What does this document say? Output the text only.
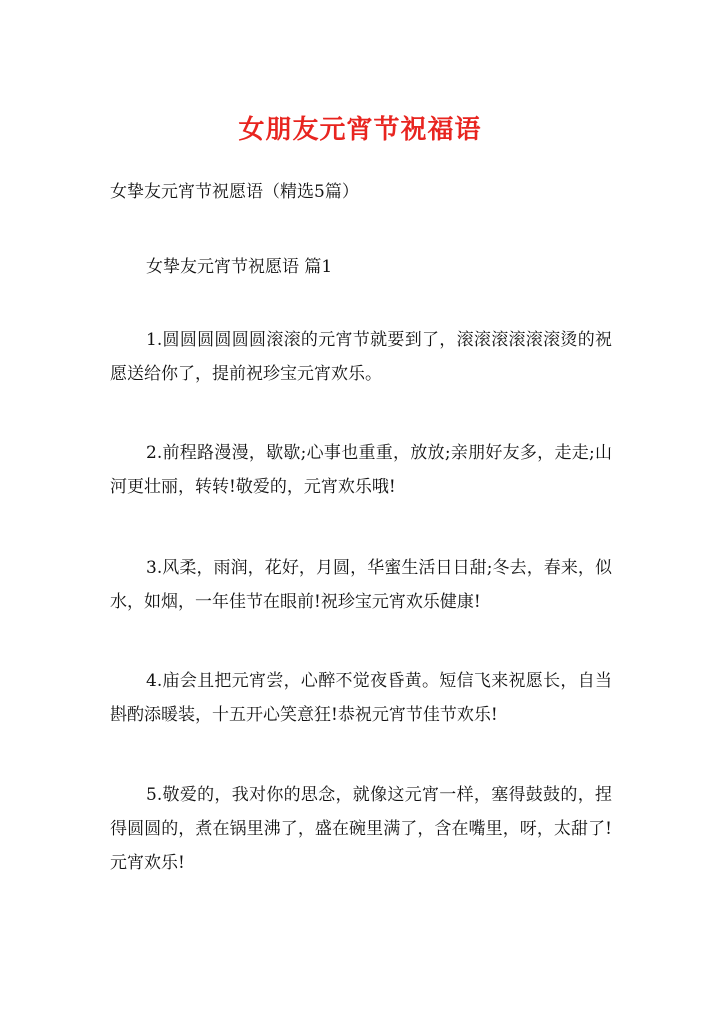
女朋友元宵节祝福语
女挚友元宵节祝愿语（精选5篇）
女挚友元宵节祝愿语 篇1

1.圆圆圆圆圆圆滚滚的元宵节就要到了，滚滚滚滚滚滚烫的祝愿送给你了，提前祝珍宝元宵欢乐。

2.前程路漫漫，歇歇;心事也重重，放放;亲朋好友多，走走;山河更壮丽，转转!敬爱的，元宵欢乐哦!

3.风柔，雨润，花好，月圆，华蜜生活日日甜;冬去，春来，似水，如烟，一年佳节在眼前!祝珍宝元宵欢乐健康!

4.庙会且把元宵尝，心醉不觉夜昏黄。短信飞来祝愿长，自当斟酌添暖装，十五开心笑意狂!恭祝元宵节佳节欢乐!

5.敬爱的，我对你的思念，就像这元宵一样，塞得鼓鼓的，捏得圆圆的，煮在锅里沸了，盛在碗里满了，含在嘴里，呀，太甜了!元宵欢乐!
